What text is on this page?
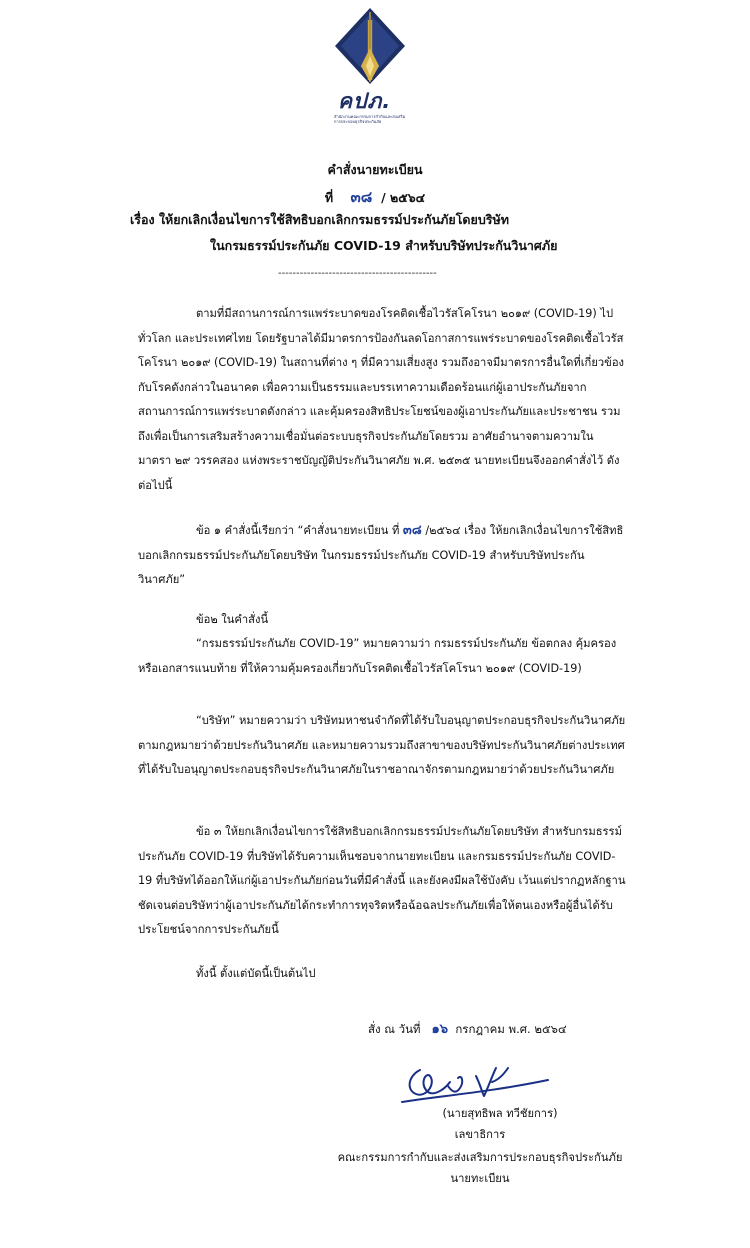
คปภ.
สำนักงานคณะกรรมการกำกับและส่งเสริมการประกอบธุรกิจประกันภัย
คำสั่งนายทะเบียน
ที่ ๓๘ / ๒๕๖๔
เรื่อง ให้ยกเลิกเงื่อนไขการใช้สิทธิบอกเลิกกรมธรรม์ประกันภัยโดยบริษัท
ในกรมธรรม์ประกันภัย COVID-19 สำหรับบริษัทประกันวินาศภัย
--------------------------------------------

ตามที่มีสถานการณ์การแพร่ระบาดของโรคติดเชื้อไวรัสโคโรนา ๒๐๑๙ (COVID-19) ไปทั่วโลก และประเทศไทย โดยรัฐบาลได้มีมาตรการป้องกันลดโอกาสการแพร่ระบาดของโรคติดเชื้อไวรัสโคโรนา ๒๐๑๙ (COVID-19) ในสถานที่ต่าง ๆ ที่มีความเสี่ยงสูง รวมถึงอาจมีมาตรการอื่นใดที่เกี่ยวข้องกับโรคดังกล่าวในอนาคต เพื่อความเป็นธรรมและบรรเทาความเดือดร้อนแก่ผู้เอาประกันภัยจากสถานการณ์การแพร่ระบาดดังกล่าว และคุ้มครองสิทธิประโยชน์ของผู้เอาประกันภัยและประชาชน รวมถึงเพื่อเป็นการเสริมสร้างความเชื่อมั่นต่อระบบธุรกิจประกันภัยโดยรวม อาศัยอำนาจตามความในมาตรา ๒๙ วรรคสอง แห่งพระราชบัญญัติประกันวินาศภัย พ.ศ. ๒๕๓๕ นายทะเบียนจึงออกคำสั่งไว้ ดังต่อไปนี้

ข้อ ๑ คำสั่งนี้เรียกว่า “คำสั่งนายทะเบียน ที่ ๓๘ /๒๕๖๔ เรื่อง ให้ยกเลิกเงื่อนไขการใช้สิทธิบอกเลิกกรมธรรม์ประกันภัยโดยบริษัท ในกรมธรรม์ประกันภัย COVID-19 สำหรับบริษัทประกันวินาศภัย”

ข้อ๒ ในคำสั่งนี้

“กรมธรรม์ประกันภัย COVID-19” หมายความว่า กรมธรรม์ประกันภัย ข้อตกลง คุ้มครอง หรือเอกสารแนบท้าย ที่ให้ความคุ้มครองเกี่ยวกับโรคติดเชื้อไวรัสโคโรนา ๒๐๑๙ (COVID-19)

“บริษัท” หมายความว่า บริษัทมหาชนจำกัดที่ได้รับใบอนุญาตประกอบธุรกิจประกันวินาศภัยตามกฎหมายว่าด้วยประกันวินาศภัย และหมายความรวมถึงสาขาของบริษัทประกันวินาศภัยต่างประเทศที่ได้รับใบอนุญาตประกอบธุรกิจประกันวินาศภัยในราชอาณาจักรตามกฎหมายว่าด้วยประกันวินาศภัย

ข้อ ๓ ให้ยกเลิกเงื่อนไขการใช้สิทธิบอกเลิกกรมธรรม์ประกันภัยโดยบริษัท สำหรับกรมธรรม์ประกันภัย COVID-19 ที่บริษัทได้รับความเห็นชอบจากนายทะเบียน และกรมธรรม์ประกันภัย COVID-19 ที่บริษัทได้ออกให้แก่ผู้เอาประกันภัยก่อนวันที่มีคำสั่งนี้ และยังคงมีผลใช้บังคับ เว้นแต่ปรากฏหลักฐานชัดเจนต่อบริษัทว่าผู้เอาประกันภัยได้กระทำการทุจริตหรือฉ้อฉลประกันภัยเพื่อให้ตนเองหรือผู้อื่นได้รับประโยชน์จากการประกันภัยนี้

ทั้งนี้ ตั้งแต่บัดนี้เป็นต้นไป

สั่ง ณ วันที่ ๑๖ กรกฎาคม พ.ศ. ๒๕๖๔
(นายสุทธิพล ทวีชัยการ)
เลขาธิการ
คณะกรรมการกำกับและส่งเสริมการประกอบธุรกิจประกันภัย
นายทะเบียน
